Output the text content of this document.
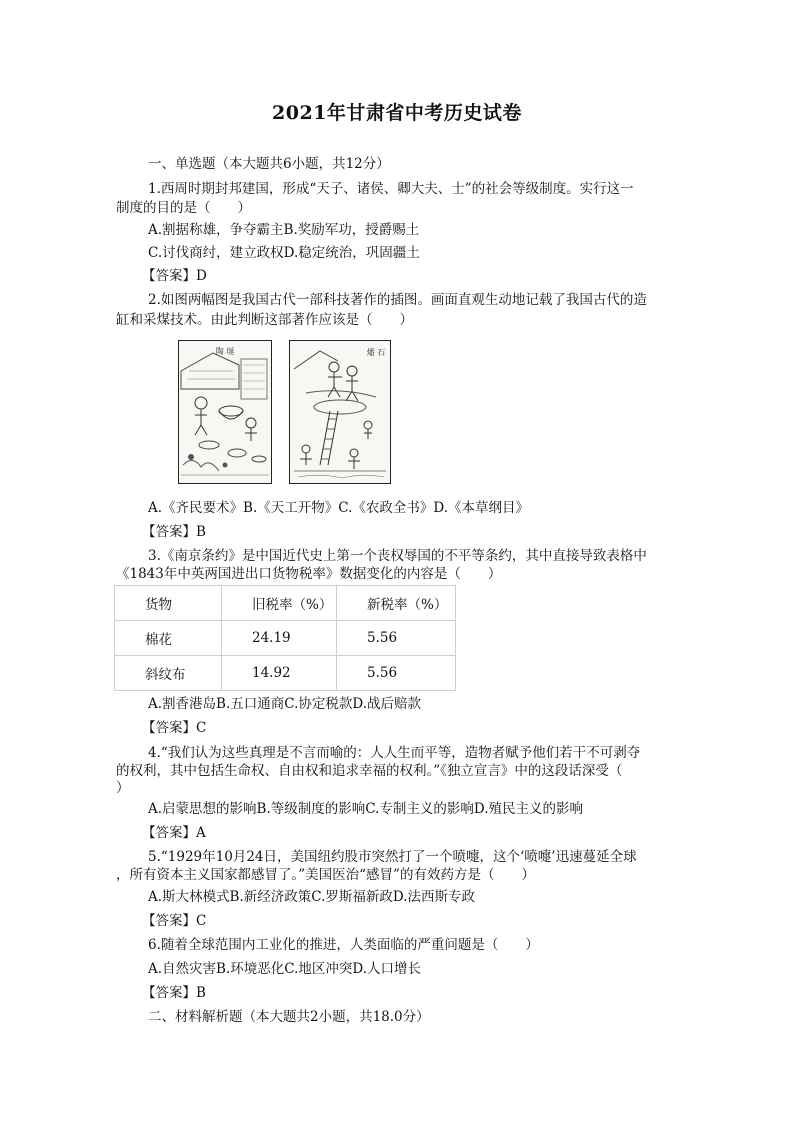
2021年甘肃省中考历史试卷
一、单选题（本大题共6小题，共12分）
1.西周时期封邦建国，形成“天子、诸侯、卿大夫、士”的社会等级制度。实行这一
制度的目的是（　　）
A.割据称雄，争夺霸主B.奖励军功，授爵赐土
C.讨伐商纣，建立政权D.稳定统治，巩固疆土
【答案】D
2.如图两幅图是我国古代一部科技著作的插图。画面直观生动地记载了我国古代的造
缸和采煤技术。由此判断这部著作应该是（　　）
陶 埏	燔 石
A.《齐民要术》B.《天工开物》C.《农政全书》D.《本草纲目》
【答案】B
3.《南京条约》是中国近代史上第一个丧权辱国的不平等条约，其中直接导致表格中
《1843年中英两国进出口货物税率》数据变化的内容是（　　）
货物	旧税率（%）	新税率（%）
棉花	24.19	5.56
斜纹布	14.92	5.56
A.割香港岛B.五口通商C.协定税款D.战后赔款
【答案】C
4.“我们认为这些真理是不言而喻的：人人生而平等，造物者赋予他们若干不可剥夺
的权利，其中包括生命权、自由权和追求幸福的权利。”《独立宣言》中的这段话深受（
）
A.启蒙思想的影响B.等级制度的影响C.专制主义的影响D.殖民主义的影响
【答案】A
5.“1929年10月24日，美国纽约股市突然打了一个喷嚏，这个‘喷嚏’迅速蔓延全球
，所有资本主义国家都感冒了。”美国医治“感冒”的有效药方是（　　）
A.斯大林模式B.新经济政策C.罗斯福新政D.法西斯专政
【答案】C
6.随着全球范围内工业化的推进，人类面临的严重问题是（　　）
A.自然灾害B.环境恶化C.地区冲突D.人口增长
【答案】B
二、材料解析题（本大题共2小题，共18.0分）
